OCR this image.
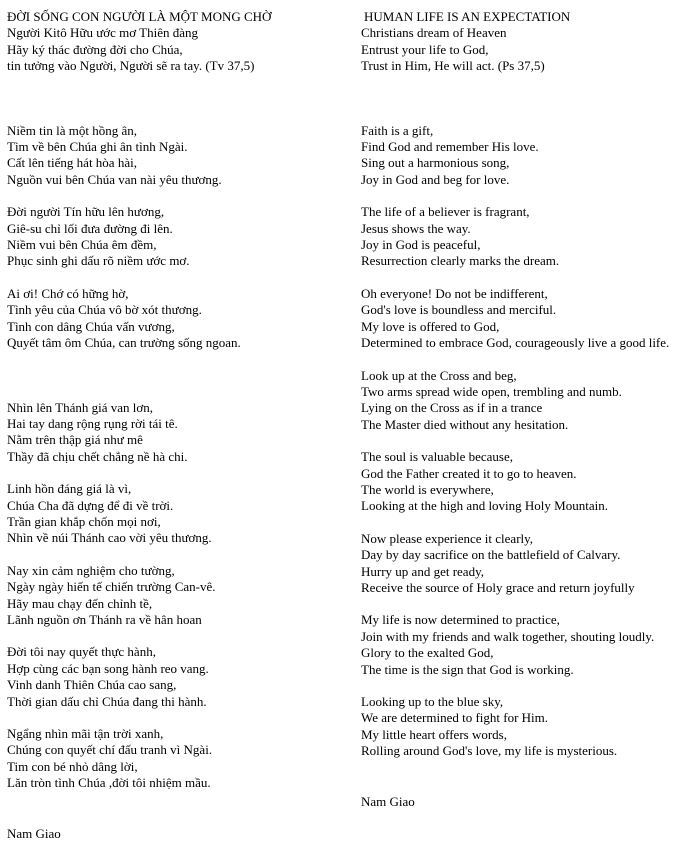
ĐỜI SỐNG CON NGƯỜI LÀ MỘT MONG CHỜ
Người Kitô Hữu ước mơ Thiên đàng
Hãy ký thác đường đời cho Chúa,
tin tưởng vào Người, Người sẽ ra tay. (Tv 37,5)
Niềm tin là một hồng ân,
Tìm về bên Chúa ghi ân tình Ngài.
Cất lên tiếng hát hòa hài,
Nguồn vui bên Chúa van nài yêu thương.
Đời người Tín hữu lên hương,
Giê-su chỉ lối đưa đường đi lên.
Niềm vui bên Chúa êm đềm,
Phục sinh ghi dấu rõ niềm ước mơ.
Ai ơi! Chớ có hững hờ,
Tình yêu của Chúa vô bờ xót thương.
Tình con dâng Chúa vấn vương,
Quyết tâm ôm Chúa, can trường sống ngoan.
Nhìn lên Thánh giá van lơn,
Hai tay dang rộng rụng rời tái tê.
Nằm trên thập giá như mê
Thầy đã chịu chết chẳng nề hà chi.
Linh hồn đáng giá là vì,
Chúa Cha đã dựng để đi về trời.
Trần gian khắp chốn mọi nơi,
Nhìn về núi Thánh cao vời yêu thương.
Nay xin cảm nghiệm cho tường,
Ngày ngày hiến tế chiến trường Can-vê.
Hãy mau chạy đến chỉnh tề,
Lãnh nguồn ơn Thánh ra về hân hoan
Đời tôi nay quyết thực hành,
Hợp cùng các bạn song hành reo vang.
Vinh danh Thiên Chúa cao sang,
Thời gian dấu chỉ Chúa đang thi hành.
Ngẩng nhìn mãi tận trời xanh,
Chúng con quyết chí đấu tranh vì Ngài.
Tim con bé nhỏ dâng lời,
Lăn tròn tình Chúa ,đời tôi nhiệm mầu.
Nam Giao
HUMAN LIFE IS AN EXPECTATION
Christians dream of Heaven
Entrust your life to God,
Trust in Him, He will act. (Ps 37,5)
Faith is a gift,
Find God and remember His love.
Sing out a harmonious song,
Joy in God and beg for love.
The life of a believer is fragrant,
Jesus shows the way.
Joy in God is peaceful,
Resurrection clearly marks the dream.
Oh everyone! Do not be indifferent,
God's love is boundless and merciful.
My love is offered to God,
Determined to embrace God, courageously live a good life.
Look up at the Cross and beg,
Two arms spread wide open, trembling and numb.
Lying on the Cross as if in a trance
The Master died without any hesitation.
The soul is valuable because,
God the Father created it to go to heaven.
The world is everywhere,
Looking at the high and loving Holy Mountain.
Now please experience it clearly,
Day by day sacrifice on the battlefield of Calvary.
Hurry up and get ready,
Receive the source of Holy grace and return joyfully
My life is now determined to practice,
Join with my friends and walk together, shouting loudly.
Glory to the exalted God,
The time is the sign that God is working.
Looking up to the blue sky,
We are determined to fight for Him.
My little heart offers words,
Rolling around God's love, my life is mysterious.
Nam Giao
